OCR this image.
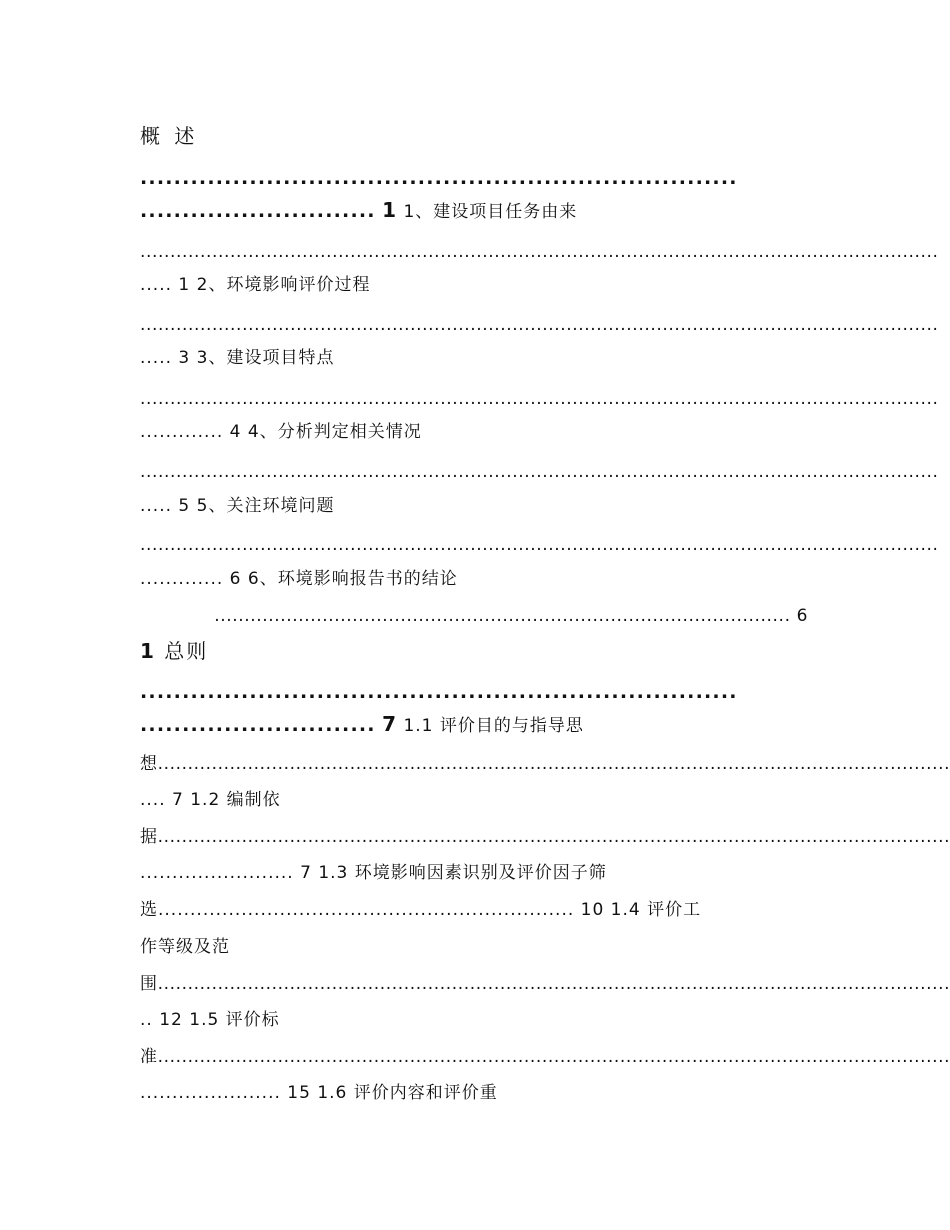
概 述
.......................................................................
............................ 1 1、建设项目任务由来
.....................................................................................................................................
..... 1 2、环境影响评价过程
.....................................................................................................................................
..... 3 3、建设项目特点
.....................................................................................................................................
............. 4 4、分析判定相关情况
.....................................................................................................................................
..... 5 5、关注环境问题
.....................................................................................................................................
............. 6 6、环境影响报告书的结论
................................................................................................ 6
1 总则
.......................................................................
............................ 7 1.1 评价目的与指导思
想....................................................................................................................................
.... 7 1.2 编制依
据....................................................................................................................................
........................ 7 1.3 环境影响因素识别及评价因子筛
选................................................................. 10 1.4 评价工
作等级及范
围....................................................................................................................................
.. 12 1.5 评价标
准....................................................................................................................................
...................... 15 1.6 评价内容和评价重
